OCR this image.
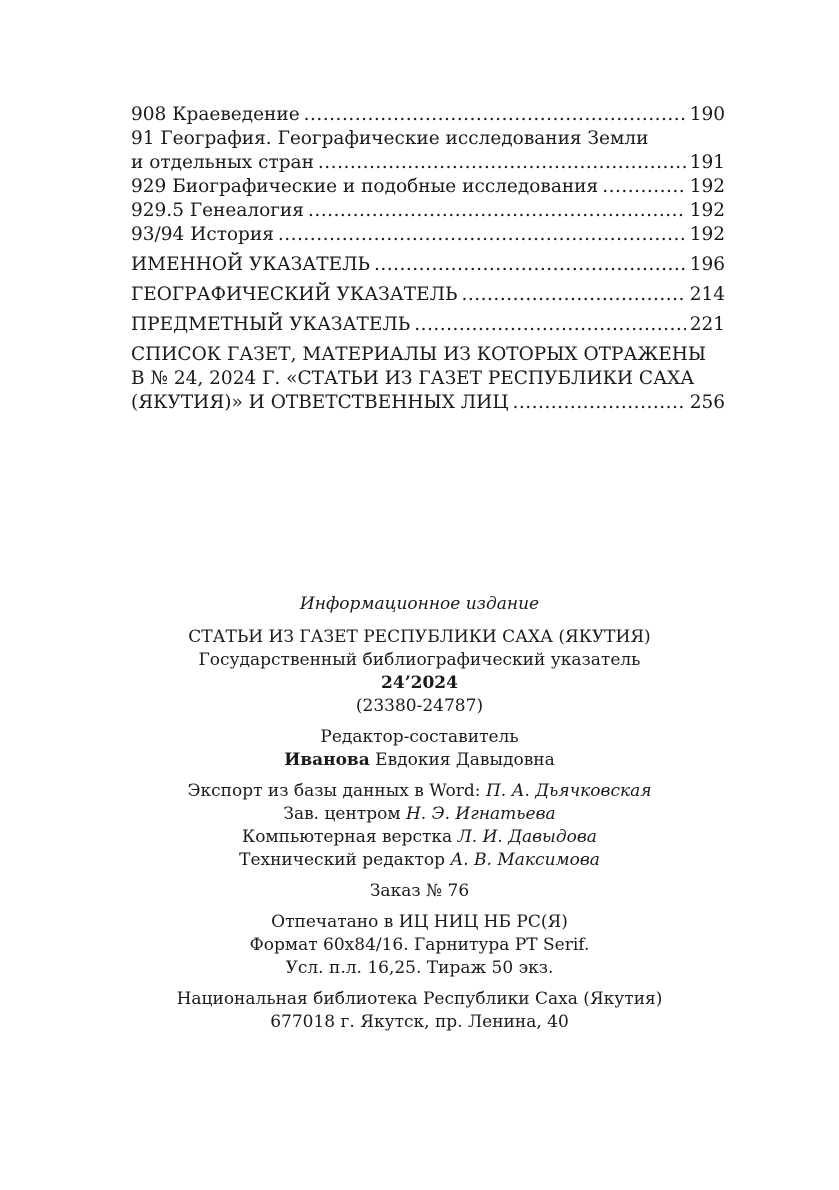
908 Краеведение .....	190
91 География. Географические исследования Земли
и отдельных стран .....	191
929 Биографические и подобные исследования .....	192
929.5 Генеалогия .....	192
93/94 История .....	192
ИМЕННОЙ УКАЗАТЕЛЬ .....	196
ГЕОГРАФИЧЕСКИЙ УКАЗАТЕЛЬ .....	214
ПРЕДМЕТНЫЙ УКАЗАТЕЛЬ .....	221
СПИСОК ГАЗЕТ, МАТЕРИАЛЫ ИЗ КОТОРЫХ ОТРАЖЕНЫ
В № 24, 2024 Г. «СТАТЬИ ИЗ ГАЗЕТ РЕСПУБЛИКИ САХА
(ЯКУТИЯ)» И ОТВЕТСТВЕННЫХ ЛИЦ .....	256

Информационное издание

СТАТЬИ ИЗ ГАЗЕТ РЕСПУБЛИКИ САХА (ЯКУТИЯ)

Государственный библиографический указатель

24’2024

(23380-24787)

Редактор-составитель

Иванова Евдокия Давыдовна

Экспорт из базы данных в Word: П. А. Дьячковская

Зав. центром Н. Э. Игнатьева

Компьютерная верстка Л. И. Давыдова

Технический редактор А. В. Максимова

Заказ № 76

Отпечатано в ИЦ НИЦ НБ РС(Я)

Формат 60х84/16. Гарнитура PT Serif.

Усл. п.л. 16,25. Тираж 50 экз.

Национальная библиотека Республики Саха (Якутия)

677018 г. Якутск, пр. Ленина, 40
